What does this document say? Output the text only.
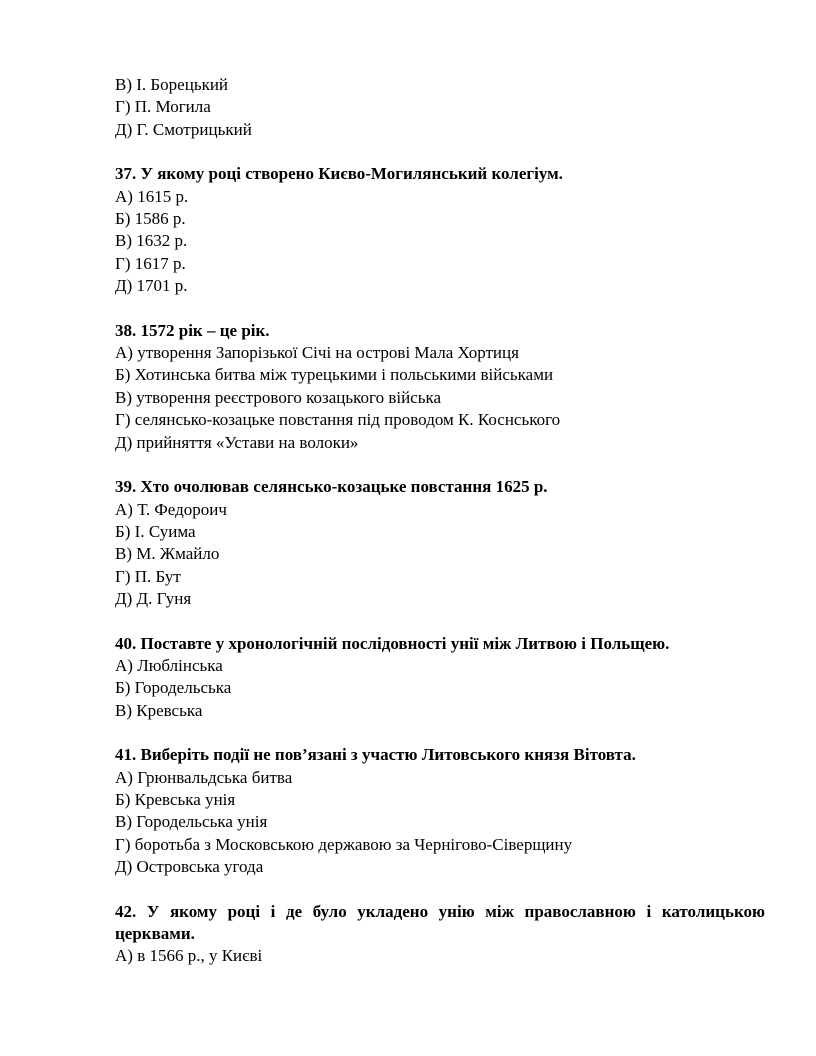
В) І. Борецький
Г) П. Могила
Д) Г. Смотрицький
37. У якому році створено Києво-Могилянський колегіум.
А) 1615 р.
Б) 1586 р.
В) 1632 р.
Г) 1617 р.
Д) 1701 р.
38. 1572 рік – це рік.
А) утворення Запорізької Січі на острові Мала Хортиця
Б) Хотинська битва між турецькими і польськими військами
В) утворення реєстрового козацького війська
Г) селянсько-козацьке повстання під проводом К. Коснського
Д) прийняття «Устави на волоки»
39. Хто очолював селянсько-козацьке повстання 1625 р.
А) Т. Федороич
Б) І. Суима
В) М. Жмайло
Г) П. Бут
Д) Д. Гуня
40. Поставте у хронологічній послідовності унії між Литвою і Польщею.
А) Люблінська
Б) Городельська
В) Кревська
41. Виберіть події не пов’язані з участю Литовського князя Вітовта.
А) Грюнвальдська битва
Б) Кревська унія
В) Городельська унія
Г) боротьба з Московською державою за Чернігово-Сіверщину
Д) Островська угода
42. У якому році і де було укладено унію між православною і католицькою церквами.
А) в 1566 р., у Києві
